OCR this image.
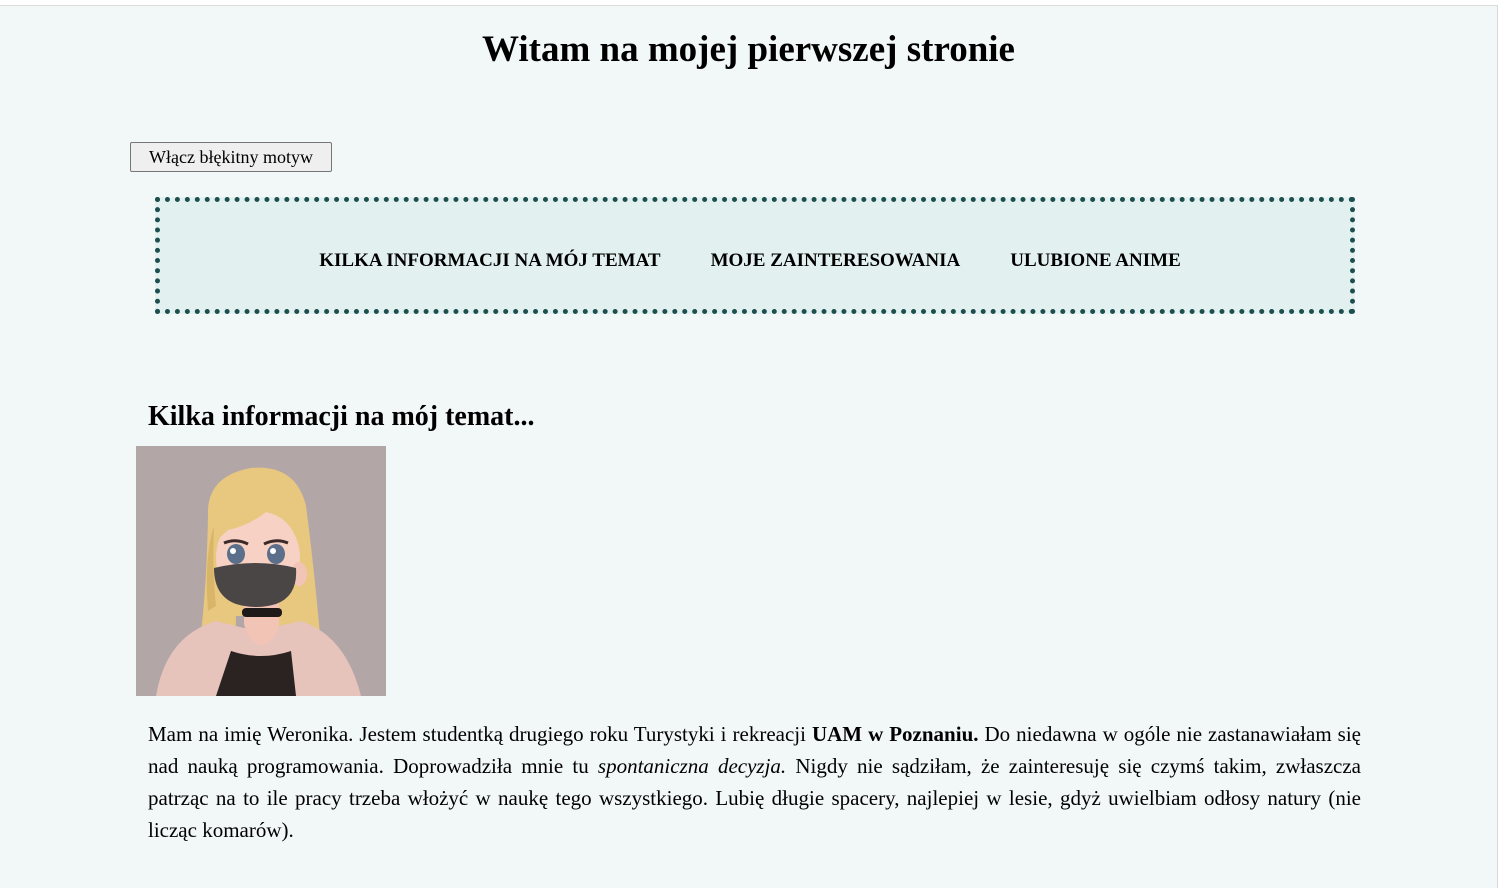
Witam na mojej pierwszej stronie
Włącz błękitny motyw
KILKA INFORMACJI NA MÓJ TEMAT	MOJE ZAINTERESOWANIA	ULUBIONE ANIME
Kilka informacji na mój temat...

Mam na imię Weronika. Jestem studentką drugiego roku Turystyki i rekreacji UAM w Poznaniu. Do niedawna w ogóle nie zastanawiałam się nad nauką programowania. Doprowadziła mnie tu spontaniczna decyzja. Nigdy nie sądziłam, że zainteresuję się czymś takim, zwłaszcza patrząc na to ile pracy trzeba włożyć w naukę tego wszystkiego. Lubię długie spacery, najlepiej w lesie, gdyż uwielbiam odłosy natury (nie licząc komarów).
